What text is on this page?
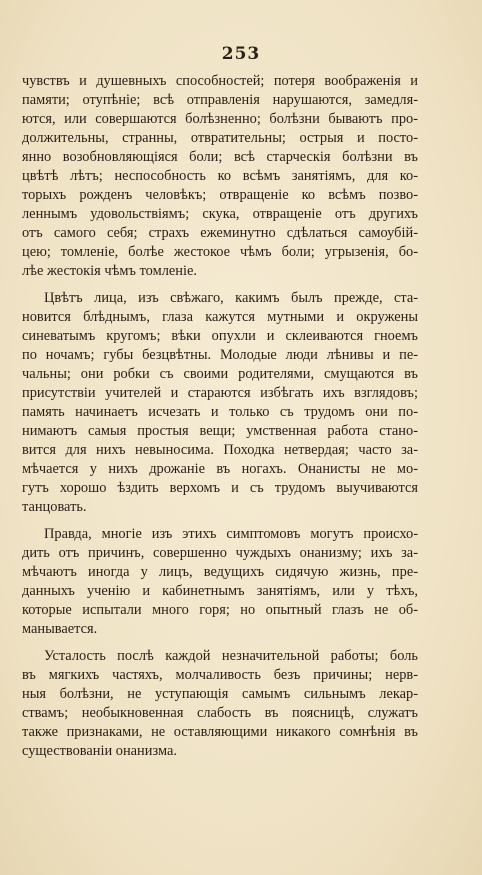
253
чувствъ и душевныхъ способностей; потеря воображенія и
памяти; отупѣніе; всѣ отправленія нарушаются, замедля-
ются, или совершаются болѣзненно; болѣзни бываютъ про-
должительны, странны, отвратительны; острыя и посто-
янно возобновляющіяся боли; всѣ старческія болѣзни въ
цвѣтѣ лѣтъ; неспособность ко всѣмъ занятіямъ, для ко-
торыхъ рожденъ человѣкъ; отвращеніе ко всѣмъ позво-
леннымъ удовольствіямъ; скука, отвращеніе отъ другихъ
отъ самого себя; страхъ ежеминутно сдѣлаться самоубій-
цею; томленіе, болѣе жестокое чѣмъ боли; угрызенія, бо-
лѣе жестокія чѣмъ томленіе.
Цвѣтъ лица, изъ свѣжаго, какимъ былъ прежде, ста-
новится блѣднымъ, глаза кажутся мутными и окружены
синеватымъ кругомъ; вѣки опухли и склеиваются гноемъ
по ночамъ; губы безцвѣтны. Молодые люди лѣнивы и пе-
чальны; они робки съ своими родителями, смущаются въ
присутствіи учителей и стараются избѣгать ихъ взглядовъ;
память начинаетъ исчезать и только съ трудомъ они по-
нимаютъ самыя простыя вещи; умственная работа стано-
вится для нихъ невыносима. Походка нетвердая; часто за-
мѣчается у нихъ дрожаніе въ ногахъ. Онанисты не мо-
гутъ хорошо ѣздить верхомъ и съ трудомъ выучиваются
танцовать.
Правда, многіе изъ этихъ симптомовъ могутъ происхо-
дить отъ причинъ, совершенно чуждыхъ онанизму; ихъ за-
мѣчаютъ иногда у лицъ, ведущихъ сидячую жизнь, пре-
данныхъ ученію и кабинетнымъ занятіямъ, или у тѣхъ,
которые испытали много горя; но опытный глазъ не об-
манывается.
Усталость послѣ каждой незначительной работы; боль
въ мягкихъ частяхъ, молчаливость безъ причины; нерв-
ныя болѣзни, не уступающія самымъ сильнымъ лекар-
ствамъ; необыкновенная слабость въ поясницѣ, служатъ
также признаками, не оставляющими никакого сомнѣнія въ
существованіи онанизма.
